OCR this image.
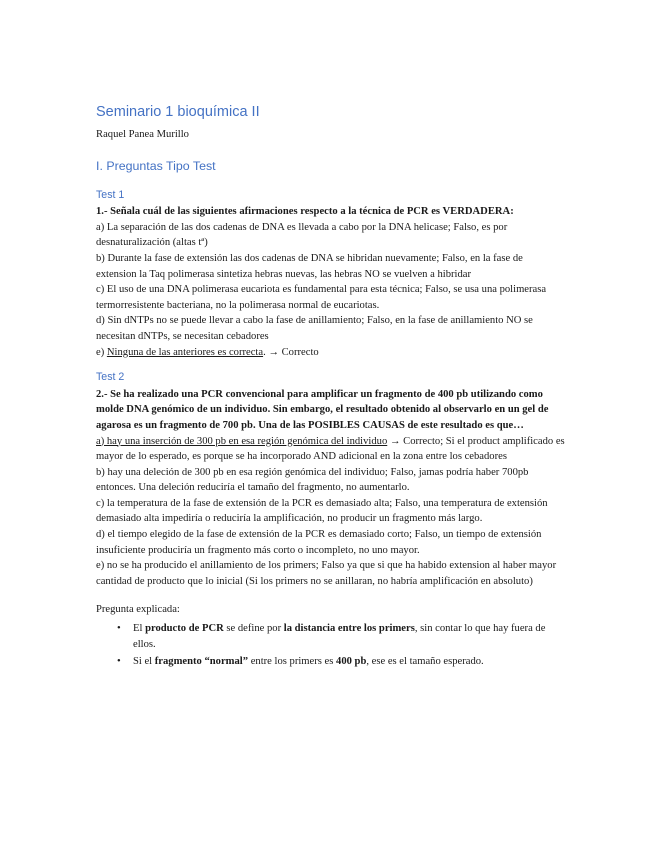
Seminario 1 bioquímica II
Raquel Panea Murillo
I. Preguntas Tipo Test
Test 1

1.- Señala cuál de las siguientes afirmaciones respecto a la técnica de PCR es VERDADERA:

a) La separación de las dos cadenas de DNA es llevada a cabo por la DNA helicase; Falso, es por desnaturalización (altas tª)

b) Durante la fase de extensión las dos cadenas de DNA se hibridan nuevamente; Falso, en la fase de extension la Taq polimerasa sintetiza hebras nuevas, las hebras NO se vuelven a hibridar

c) El uso de una DNA polimerasa eucariota es fundamental para esta técnica; Falso, se usa una polimerasa termorresistente bacteriana, no la polimerasa normal de eucariotas.

d) Sin dNTPs no se puede llevar a cabo la fase de anillamiento; Falso, en la fase de anillamiento NO se necesitan dNTPs, se necesitan cebadores

e) Ninguna de las anteriores es correcta. → Correcto

Test 2

2.- Se ha realizado una PCR convencional para amplificar un fragmento de 400 pb utilizando como molde DNA genómico de un individuo. Sin embargo, el resultado obtenido al observarlo en un gel de agarosa es un fragmento de 700 pb. Una de las POSIBLES CAUSAS de este resultado es que…

a) hay una inserción de 300 pb en esa región genómica del individuo → Correcto; Si el product amplificado es mayor de lo esperado, es porque se ha incorporado AND adicional en la zona entre los cebadores

b) hay una deleción de 300 pb en esa región genómica del individuo; Falso, jamas podría haber 700pb entonces. Una deleción reduciría el tamaño del fragmento, no aumentarlo.

c) la temperatura de la fase de extensión de la PCR es demasiado alta; Falso, una temperatura de extensión demasiado alta impediría o reduciría la amplificación, no producir un fragmento más largo.

d) el tiempo elegido de la fase de extensión de la PCR es demasiado corto; Falso, un tiempo de extensión insuficiente produciría un fragmento más corto o incompleto, no uno mayor.

e) no se ha producido el anillamiento de los primers; Falso ya que si que ha habido extension al haber mayor cantidad de producto que lo inicial (Si los primers no se anillaran, no habría amplificación en absoluto)

Pregunta explicada:
• El producto de PCR se define por la distancia entre los primers, sin contar lo que hay fuera de ellos.
• Si el fragmento “normal” entre los primers es 400 pb, ese es el tamaño esperado.
